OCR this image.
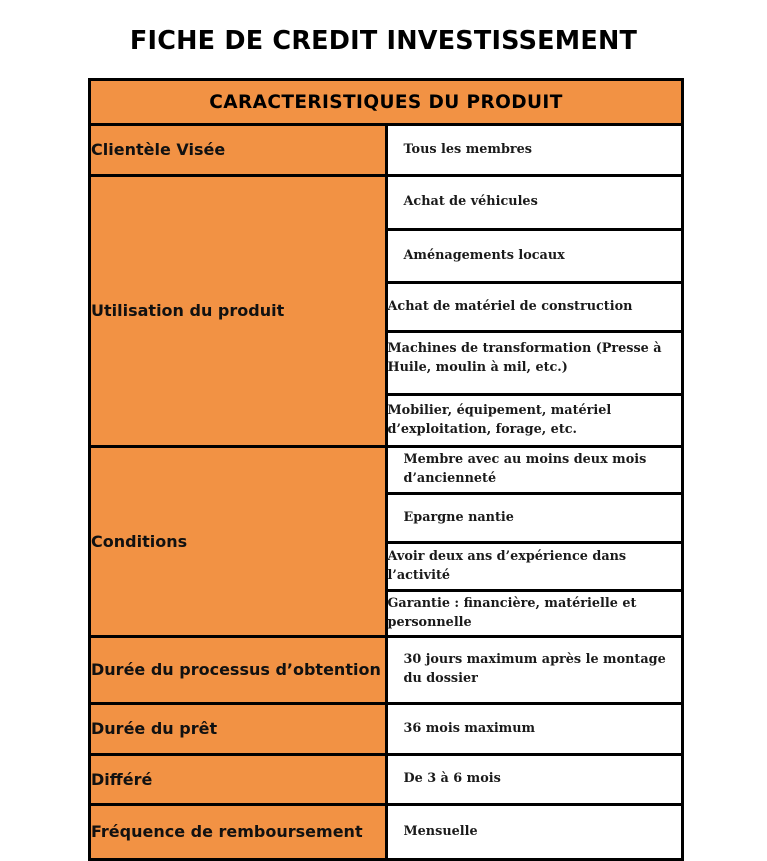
FICHE DE CREDIT INVESTISSEMENT
CARACTERISTIQUES DU PRODUIT	
Clientèle Visée	Tous les membres
Utilisation du produit	Achat de véhicules
	Aménagements locaux
	Achat de matériel de construction
	Machines de transformation (Presse à Huile, moulin à mil, etc.)
	Mobilier, équipement, matériel d’exploitation, forage, etc.
Conditions	Membre avec au moins deux mois d’ancienneté
	Epargne nantie
	Avoir deux ans d’expérience dans l’activité
	Garantie : financière, matérielle et personnelle
Durée du processus d’obtention	30 jours maximum après le montage du dossier
Durée du prêt	36 mois maximum
Différé	De 3 à 6 mois
Fréquence de remboursement	Mensuelle
